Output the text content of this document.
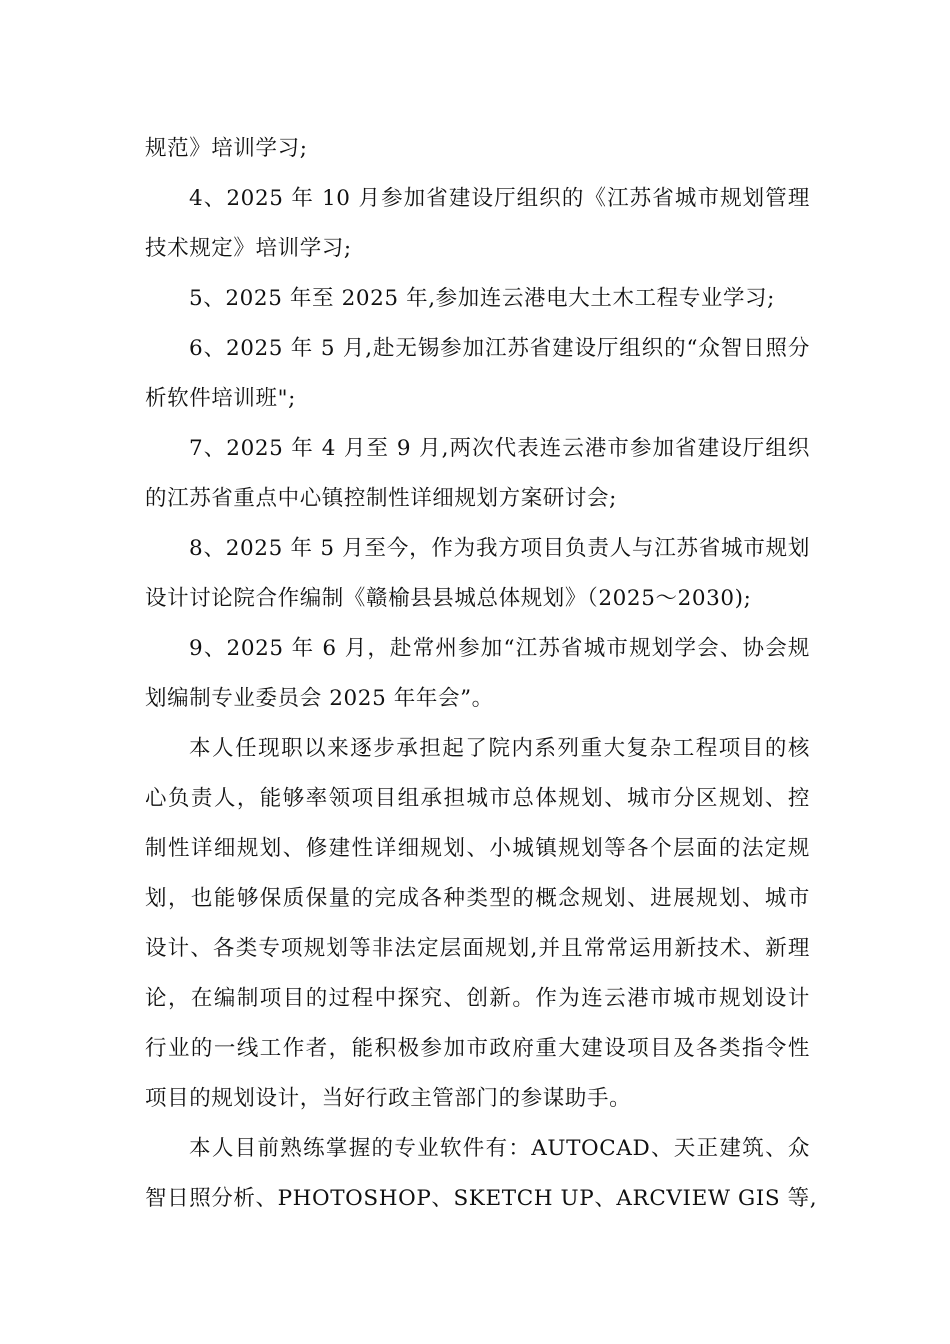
规范》培训学习;
4、2025 年 10 月参加省建设厅组织的《江苏省城市规划管理
技术规定》培训学习;
5、2025 年至 2025 年,参加连云港电大土木工程专业学习;
6、2025 年 5 月,赴无锡参加江苏省建设厅组织的“众智日照分
析软件培训班";
7、2025 年 4 月至 9 月,两次代表连云港市参加省建设厅组织
的江苏省重点中心镇控制性详细规划方案研讨会;
8、2025 年 5 月至今，作为我方项目负责人与江苏省城市规划
设计讨论院合作编制《赣榆县县城总体规划》（2025～2030);
9、2025 年 6 月，赴常州参加“江苏省城市规划学会、协会规
划编制专业委员会 2025 年年会”。
本人任现职以来逐步承担起了院内系列重大复杂工程项目的核
心负责人，能够率领项目组承担城市总体规划、城市分区规划、控
制性详细规划、修建性详细规划、小城镇规划等各个层面的法定规
划，也能够保质保量的完成各种类型的概念规划、进展规划、城市
设计、各类专项规划等非法定层面规划,并且常常运用新技术、新理
论，在编制项目的过程中探究、创新。作为连云港市城市规划设计
行业的一线工作者，能积极参加市政府重大建设项目及各类指令性
项目的规划设计，当好行政主管部门的参谋助手。
本人目前熟练掌握的专业软件有：AUTOCAD、天正建筑、众
智日照分析、PHOTOSHOP、SKETCH UP、ARCVIEW GIS 等,
